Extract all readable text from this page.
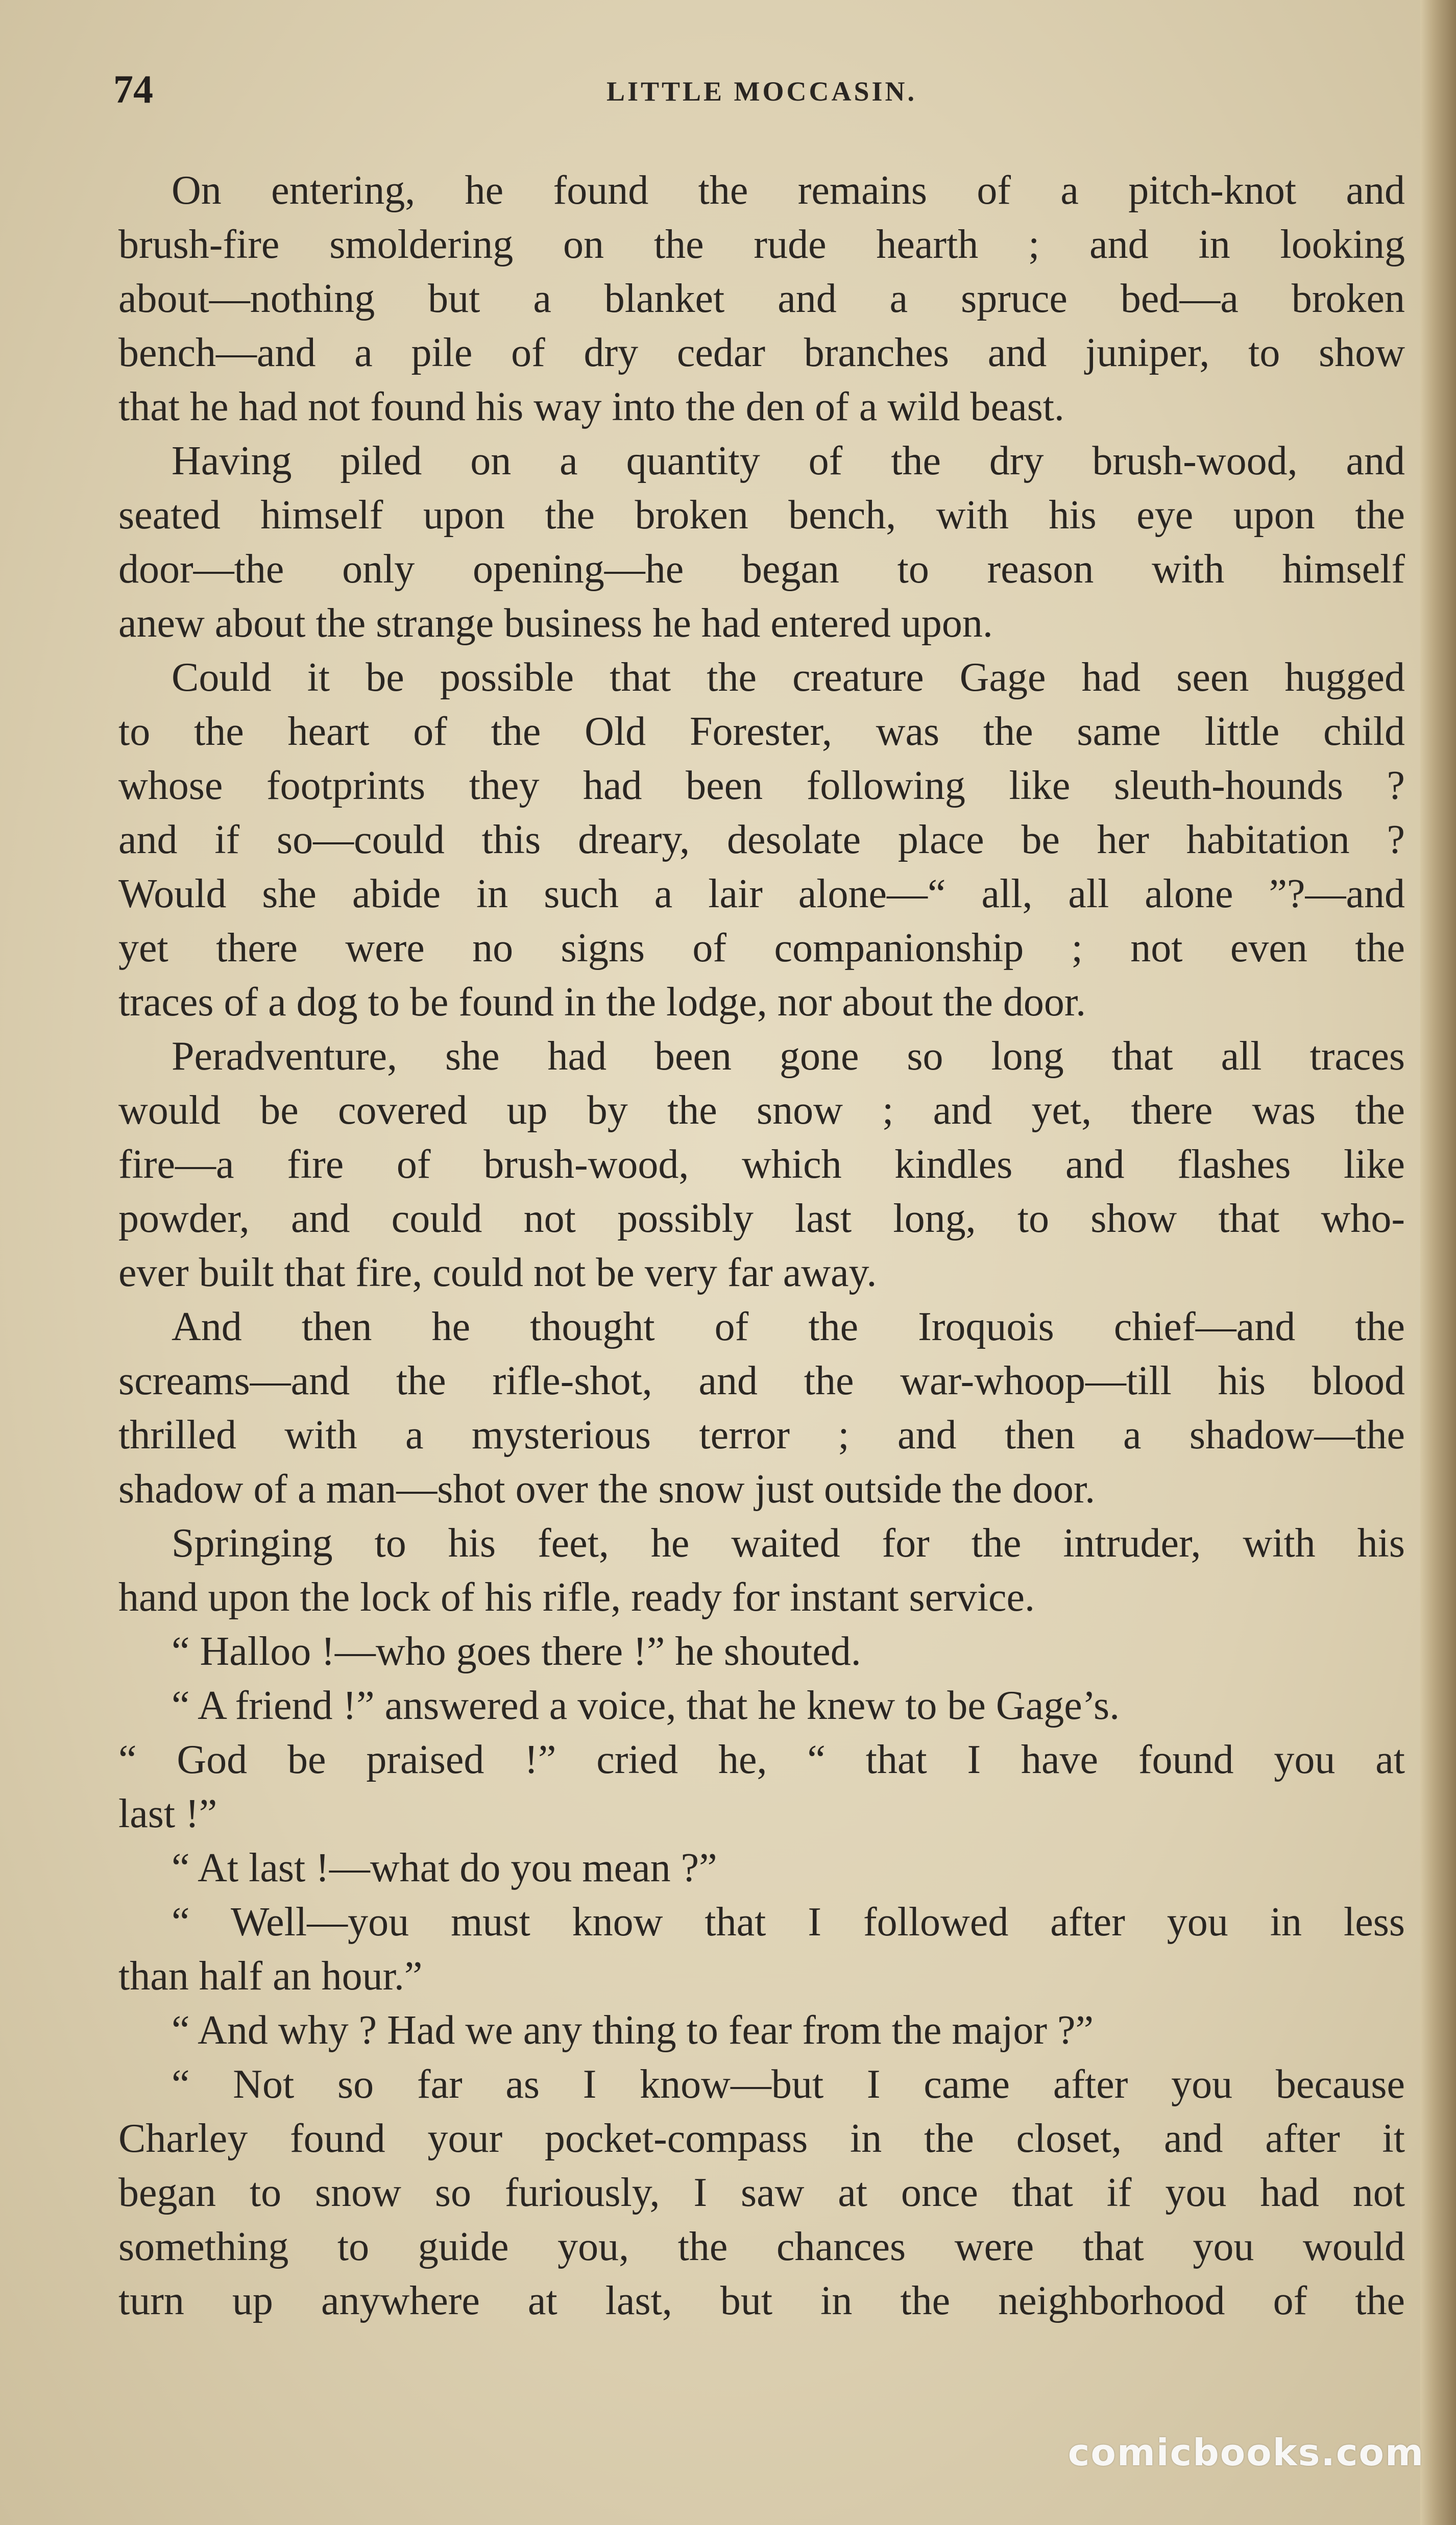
74	LITTLE MOCCASIN.
On entering, he found the remains of a pitch-knot and
brush-fire smoldering on the rude hearth ; and in looking
about—nothing but a blanket and a spruce bed—a broken
bench—and a pile of dry cedar branches and juniper, to show
that he had not found his way into the den of a wild beast.
Having piled on a quantity of the dry brush-wood, and
seated himself upon the broken bench, with his eye upon the
door—the only opening—he began to reason with himself
anew about the strange business he had entered upon.
Could it be possible that the creature Gage had seen hugged
to the heart of the Old Forester, was the same little child
whose footprints they had been following like sleuth-hounds ?
and if so—could this dreary, desolate place be her habitation ?
Would she abide in such a lair alone—“ all, all alone ”?—and
yet there were no signs of companionship ; not even the
traces of a dog to be found in the lodge, nor about the door.
Peradventure, she had been gone so long that all traces
would be covered up by the snow ; and yet, there was the
fire—a fire of brush-wood, which kindles and flashes like
powder, and could not possibly last long, to show that who-
ever built that fire, could not be very far away.
And then he thought of the Iroquois chief—and the
screams—and the rifle-shot, and the war-whoop—till his blood
thrilled with a mysterious terror ; and then a shadow—the
shadow of a man—shot over the snow just outside the door.
Springing to his feet, he waited for the intruder, with his
hand upon the lock of his rifle, ready for instant service.
“ Halloo !—who goes there !” he shouted.
“ A friend !” answered a voice, that he knew to be Gage’s.
“ God be praised !” cried he, “ that I have found you at
last !”
“ At last !—what do you mean ?”
“ Well—you must know that I followed after you in less
than half an hour.”
“ And why ? Had we any thing to fear from the major ?”
“ Not so far as I know—but I came after you because
Charley found your pocket-compass in the closet, and after it
began to snow so furiously, I saw at once that if you had not
something to guide you, the chances were that you would
turn up anywhere at last, but in the neighborhood of the
comicbooks.com
